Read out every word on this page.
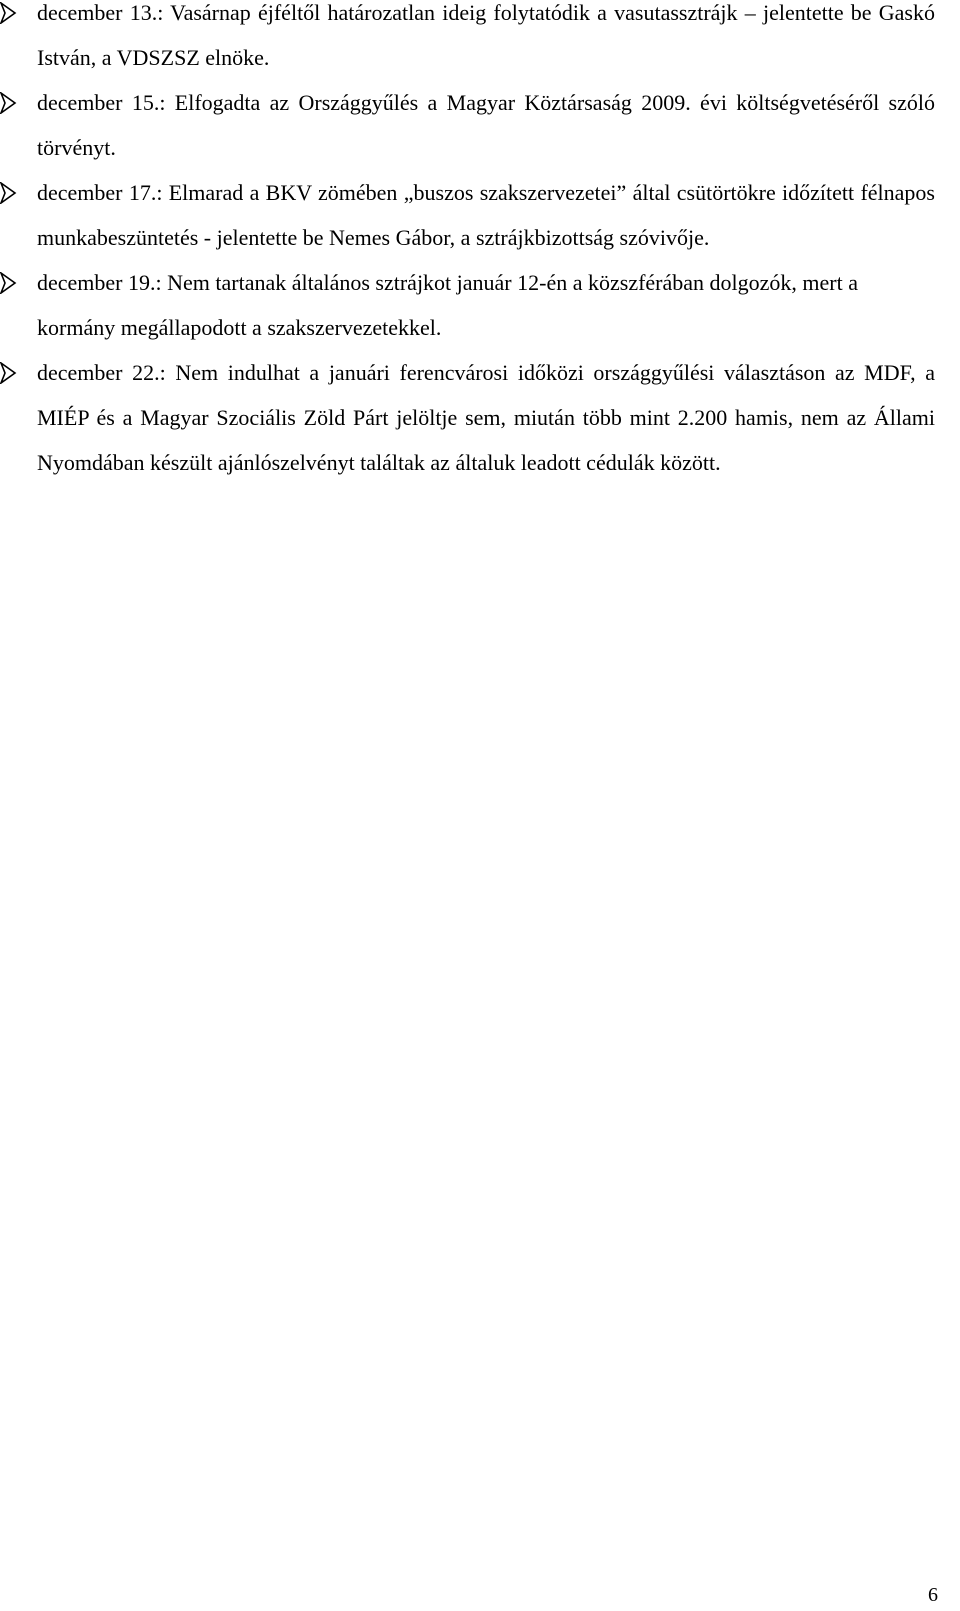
december 13.: Vasárnap éjféltől határozatlan ideig folytatódik a vasutassztrájk – jelentette be Gaskó István, a VDSZSZ elnöke.
december 15.: Elfogadta az Országgyűlés a Magyar Köztársaság 2009. évi költségvetéséről szóló törvényt.
december 17.: Elmarad a BKV zömében „buszos szakszervezetei” által csütörtökre időzített félnapos munkabeszüntetés - jelentette be Nemes Gábor, a sztrájkbizottság szóvivője.
december 19.: Nem tartanak általános sztrájkot január 12-én a közszférában dolgozók, mert a kormány megállapodott a szakszervezetekkel.
december 22.: Nem indulhat a januári ferencvárosi időközi országgyűlési választáson az MDF, a MIÉP és a Magyar Szociális Zöld Párt jelöltje sem, miután több mint 2.200 hamis, nem az Állami Nyomdában készült ajánlószelvényt találtak az általuk leadott cédulák között.
6
